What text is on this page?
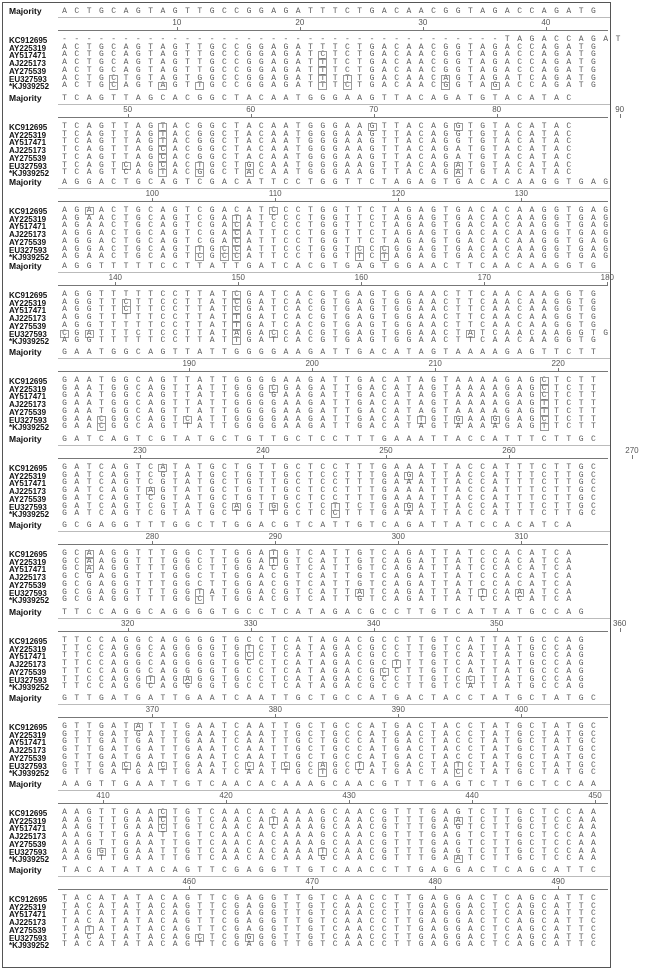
Majority	A C T G C A G T A G T T G C C G G A G A T T T C T G A C A A C G G T A G A C C A G A T G
10	20	30	40
KC912695 - - - - - - - - - - - - - - - - - - - - - - - - - - - - - - - - - - - - T A G A C C A G A T
AY225319 A C T G C A G T A G T T G C C G G A G A T T T C T G A C A A C G G T A G A C C A G A T G
AY517471 A C T G C A G T A G T T G C C G G A G A T C T C T G A C A A C G G T A G A C C A G A T G
AJ225173 A C T G C A G T A G T T G C C G G A G A T T T C T G A C A A C G G T A G A C C A G A T G
AY275539 A C T G C A G T A G T T G C C G G A G A T T T C T G A C A A C G G T A G A C C A G A T G
EU327593 A C T G C T G T A G T G G C C G G A G A T T T T T G A C A A C A G T A G A T C A G A T G
*KJ939252 A C T G C A G T A G T T G C C G G A G A T T T C T G A C A A C G G T A G A C C A G A T G
Majority	T C A G T T A G C A C G G C T A C A A T G G G A A G T T A C A G A T G T A C A T A C
50	60	70	80	90
KC912695 T C A G T T A G T A C G G C T A C A A T G G G A A G T T A C A G G T G T A C A T A C
AY225319 T C A G T T A G T A C G G C T A C A A T G G G A A G T T A C A G G T G T A C A T A C
AY517471 T C A G T T A G T A C G G C T A C A A T G G G A A G T T A C A G G T G T A C A T A C
AJ225173 T C A G T T A G C A C G G C T A C A A T G G G A A G T T A C A G A T G T A C A T A C
AY275539 T C A G T T A G C A C G G C T A C A A T G G G A A G T T A C A G A T G T A C A T A C
EU327593 T C A G T C A G C A C T G C T G C A A T G G G A A G T T A C A G A T G T A C A T A C
*KJ939252 T C A G T C A G T A C G G C T A C A A T G G G A A G T T A C A G A T G T A C A T A C
Majority	A G G A C T G C A G T C G A C A T T C C T G G T T C T A G A G T G A C A C A A G G T G A G
100	110	120	130
KC912695 A G A A C T G C A G T C G A C A T C C C T G G T T C T A G A G T G A C A C A A G G T G A G
AY225319 A G A A C T G C A G T C G A T A T C C C T G G T T C T A G A G T G A C A C A A G G T G A G
AY517471 A G A A C T G C A G T C G A C A T C C C T G G T T C T A G A G T G A C A C A A G G T G A G
AJ225173 A G G A C T G C A G T C G A C A T T C C T G G T T C T A G A G T G A C A C A A G G T G A G
AY275539 A G G A C T G C A G T C G A C A T T C C T G G T T C T A G A G T G A C A C A A G G T G A G
EU327593 A G G A C T G C A G T T G C C A T T C C T G G T C C C G G A G T G A C A C A A G G T G A G
*KJ939252 A G A A C T G C A G T C G C C A T T C C T G G T T C T A G A G T G A C A C A A G G T G A G
Majority	A G G T T T T T C C T T A T T G A T C A C G T G A G T G G A A C T T C A A C A A G G T G
140	150	160	170	180
KC912695 A G G T T T T T C C T T A T C G A T C A C G T G A G T G G A A C T T C A A C A A G G T G
AY225319 A G G T T C T T C C T T A T C G A T C A C G T G A G T G G A A C T T C A A C A A G G T G
AY517471 A G G T T C T T C C T T A T C G A T C A C G T G A G T G G A A C T T C A A C A A G G T G
AJ225173 A G G T T T T T C C T T A T T G A T C A C G T G A G T G G A A C T T C A A C A A G G T G
AY275539 A G G T T T T T C C T T A T T G A T C A C G T G A G T G G A A C T T C A A C A A G G T G
EU327593 C G A T T T C T C C T T A T A G A C C A C G T G A G T G G A A C T A T C A A C A A G G T G
*KJ939252 A G G T T T T T C C T T A T T G A T C A C G T G A G T G G A A C T T C A A C A A G G T G
Majority	G A A T G G C A G T T A T T G G G G A A G A T T G A C A T A G T A A A A G A G T T C T T
190	200	210	220
KC912695 G A A T G G C A G T T A T T G G G G A A G A T T G A C A T A G T A A A A G A G C T C T T
AY225319 G A A T G G C A G T T A T T G G G C G A G A T T G A C A T A G T A A A A G A G C T C T T
AY517471 G A A T G G C A G T T A T T G G G G A A G A T T G A C A T A G T A A A A G A G C T C T T
AJ225173 G A A T G G C A G T T A T T G G G G A A G A T T G A C A T A G T A A A A G A G T T C T T
AY275539 G A A T G G C A G T T A T T G G G G A A G A T T G A C A T A G T A A A A G A G T T C T T
EU327593 G A A C G G C A G T C A T T G G G G A A G A T T G A C A T T G T G A A G G A G C T C T T
*KJ939252 G A A C G G C A G T T A T T G G G G A A G A T T G A C A T A G T A A A A G A G T T C T T
Majority	G A T C A G T C G T A T G C T G T T G C T C C T T T G A A A T T A C C A T T T C T T G C
230	240	250	260	270
KC912695 G A T C A G T C A T A T G C T G T T G C T C C T T T G A A A T T A C C A T T T C T T G C
AY225319 G A T C A G T C G T A T G C T G T T G C T C C T T T G A G A T T A C C A T T T C T T G C
AY517471 G A T C A G T C G T A T G C T G T T G C T C C T T T G A A A T T A C C A T T T C T T G C
AJ225173 G A T C A G T A G T A T G C T G T T G C T C C T T T G A A A T T A C C A T T T C T T G C
AY275539 G A T C A G T C G T A T G C T G T T G C T C C T T T G A A A T T A C C A T T T C T T G C
EU327593 G A T C A G T C G T A T G C A G T G G C T C T T C T G A G A T T A C C A T T T C T T G C
*KJ939252 G A T C A G T C G T A T G C T G T T G C T C C T T T G A A A T T A C C A T T T C T T G C
Majority	G C G A G G T T T G G C T T G G A C G T C A T T G T C A G A T T A T C C A C A T C A
280	290	300	310
KC912695 G C A A G G T T T G G C T T G G A T G T C A T T G T C A G A T T A T C C A C A T C A
AY225319 G C A A G G T T T G G C T T G G A T G T C A T T G T C A G A T T A T C C A C A T C A
AY517471 G C A A G G T T T G G C T T G G A C G T C A T T G T C A G A T T A T C C A C A T C A
AJ225173 G C G A G G T T T G G C T T G G A C G T C A T T G T C A G A T T A T C C A C A T C A
AY275539 G C G A G G T T T G G C T T G G A C G T C A T T G T C A G A T T A T C C A C A T C A
EU327593 G C G A G G T T T G G T A T G G A C G T C A T T A T C A G A T T A T T C A A A T C A
*KJ939252 G C G A G G T T T G G C T T G G A C G T C A T T G T C A G A T T A T C C A C A T C A
Majority	T T C C A G G C A G G G G T G C C T C A T A G A C G C C T T G T C A T T A T G C C A G
320	330	340	350	360
KC912695 T T C C A G G C A G G G G T G C C T C A T A G A C G C C T T G T C A T T A T G C C A G
AY225319 T T C C A G G C A G G G G T G T C T C A T A G A C G C C T T G T C A T T A T G C C A G
AY517471 T T C C A G G C A G G G G T G C C T C A T A G A C G C C T T G T C A T T A T G C C A G
AJ225173 T T C C A G G C A G G G G T G C C T C A T A G A C G C T T T G T C A T T A T G C C A G
AY275539 T T C C A G G C A G G G G T G C C T C A T A G A C G C C T T G T C A T T A T G C C A G
EU327593 T T C C A G G T A G A G G T G C C T C A T A G A C G C C T T G T C C T T A T G C C A G
*KJ939252 T T C C A G G C A G G G G T G C C T C A T A G A C G C C T T G T C A T T A T G C C A G
Majority	G T T G A T G A T T G A A T C A A T T G C T G C C A T G A C T A C C T A T G C T A T G C
370	380	390	400
KC912695 G T T G A T A T T T G A A T C A A T T G C T G C C A T G A C T A C C T A T G C T A T G C
AY225319 G T T G A T G A T T G A A T C A A T T G C T G C C A T G A C T A C C T A T G C T A T G C
AY517471 G T T G A T G A T T G A A T C A A T T G C T G C C A T G A C T A C C T A T G C T A T G C
AJ225173 G T T G A T G A T T G A A T C A A T T G C T G C C A T G A C T A C C T A T G C T A T G C
AY275539 G T T G A T G A T T G A A T C A A T T G C T G C C A T G A C T A C C T A T G C T A T G C
EU327593 G T T G A C A A C T G A A T C C A T C G C A G C T A T G A C T A T C T A T G C T A T G C
*KJ939252 G T T G A T G A T T G A A T C A A T T G C T G C C A T G A C T A C C T A T G C T A T G C
Majority	A A G T T G A A T T G T C A A C A C A A A G C A A C G T T T G A G T C T T G C T C C A A
410	420	430	440	450
KC912695 A A G T T G A A C T G T C A A C A C A A A G C A A C G T T T G A G T C T T G C T C C A A
AY225319 A A G T T G A A C T G T C A A C A T A A A G C A A C G T T T G A A T C T T G C T C C A A
AY517471 A A G T T G A A C T G T C A A C A C A A A G C A A C G T T T G A G T C T T G C T C C A A
AJ225173 A A G T T G A A T T G T C A A C A C A A A G C A A C G T T T G A G T C T T G C T C C A A
AY275539 A A G T T G A A T T G T C A A C A C A A A G C A A C G T T T G A G T C T T G C T C C A A
EU327593 A A G G T G A A T T G T C A A C A C A A A T C A A C G T T T G A G T C T T G C T C C A A
*KJ939252 A A G T T G A A T T G T C A A C A C A A A G C A A C G T T T G A A T C T T G C T C C A A
Majority	T A C A T A T A C A G T T C G A G G T T G T C A A C C T T G A G G A C T C A G C A T T C
460	470	480	490
KC912695 T A C A T A T A C A G T T C G A G G T T G T C A A C C T T G A G G A C T C A G C A T T C
AY225319 T A C A T A T A C A G T T C G A G G T T G T C A A C C T T G A G G A C T C A G C A T T C
AY517471 T A C A T A T A C A G T T C G A G G T T G T C A A C C T T G A G G A C T C A G C A T T C
AJ225173 T A C A T A T A C A G T T C G A G G T T G T C A A C C T T G A G G A C T C A G C A T T C
AY275539 T A T A T A T A C A G T T C G A G G T T G T C A A C C T T G A G G A C T C A G C A T T C
EU327593 T A C A T A T A C A G C T C G G G G T T G T C A A C C T T G A G G A C T C A G C A T T C
*KJ939252 T A C A T A T A C A G T T C G A G G T T G T C A A C C T T G A G G A C T C A G C A T T C
